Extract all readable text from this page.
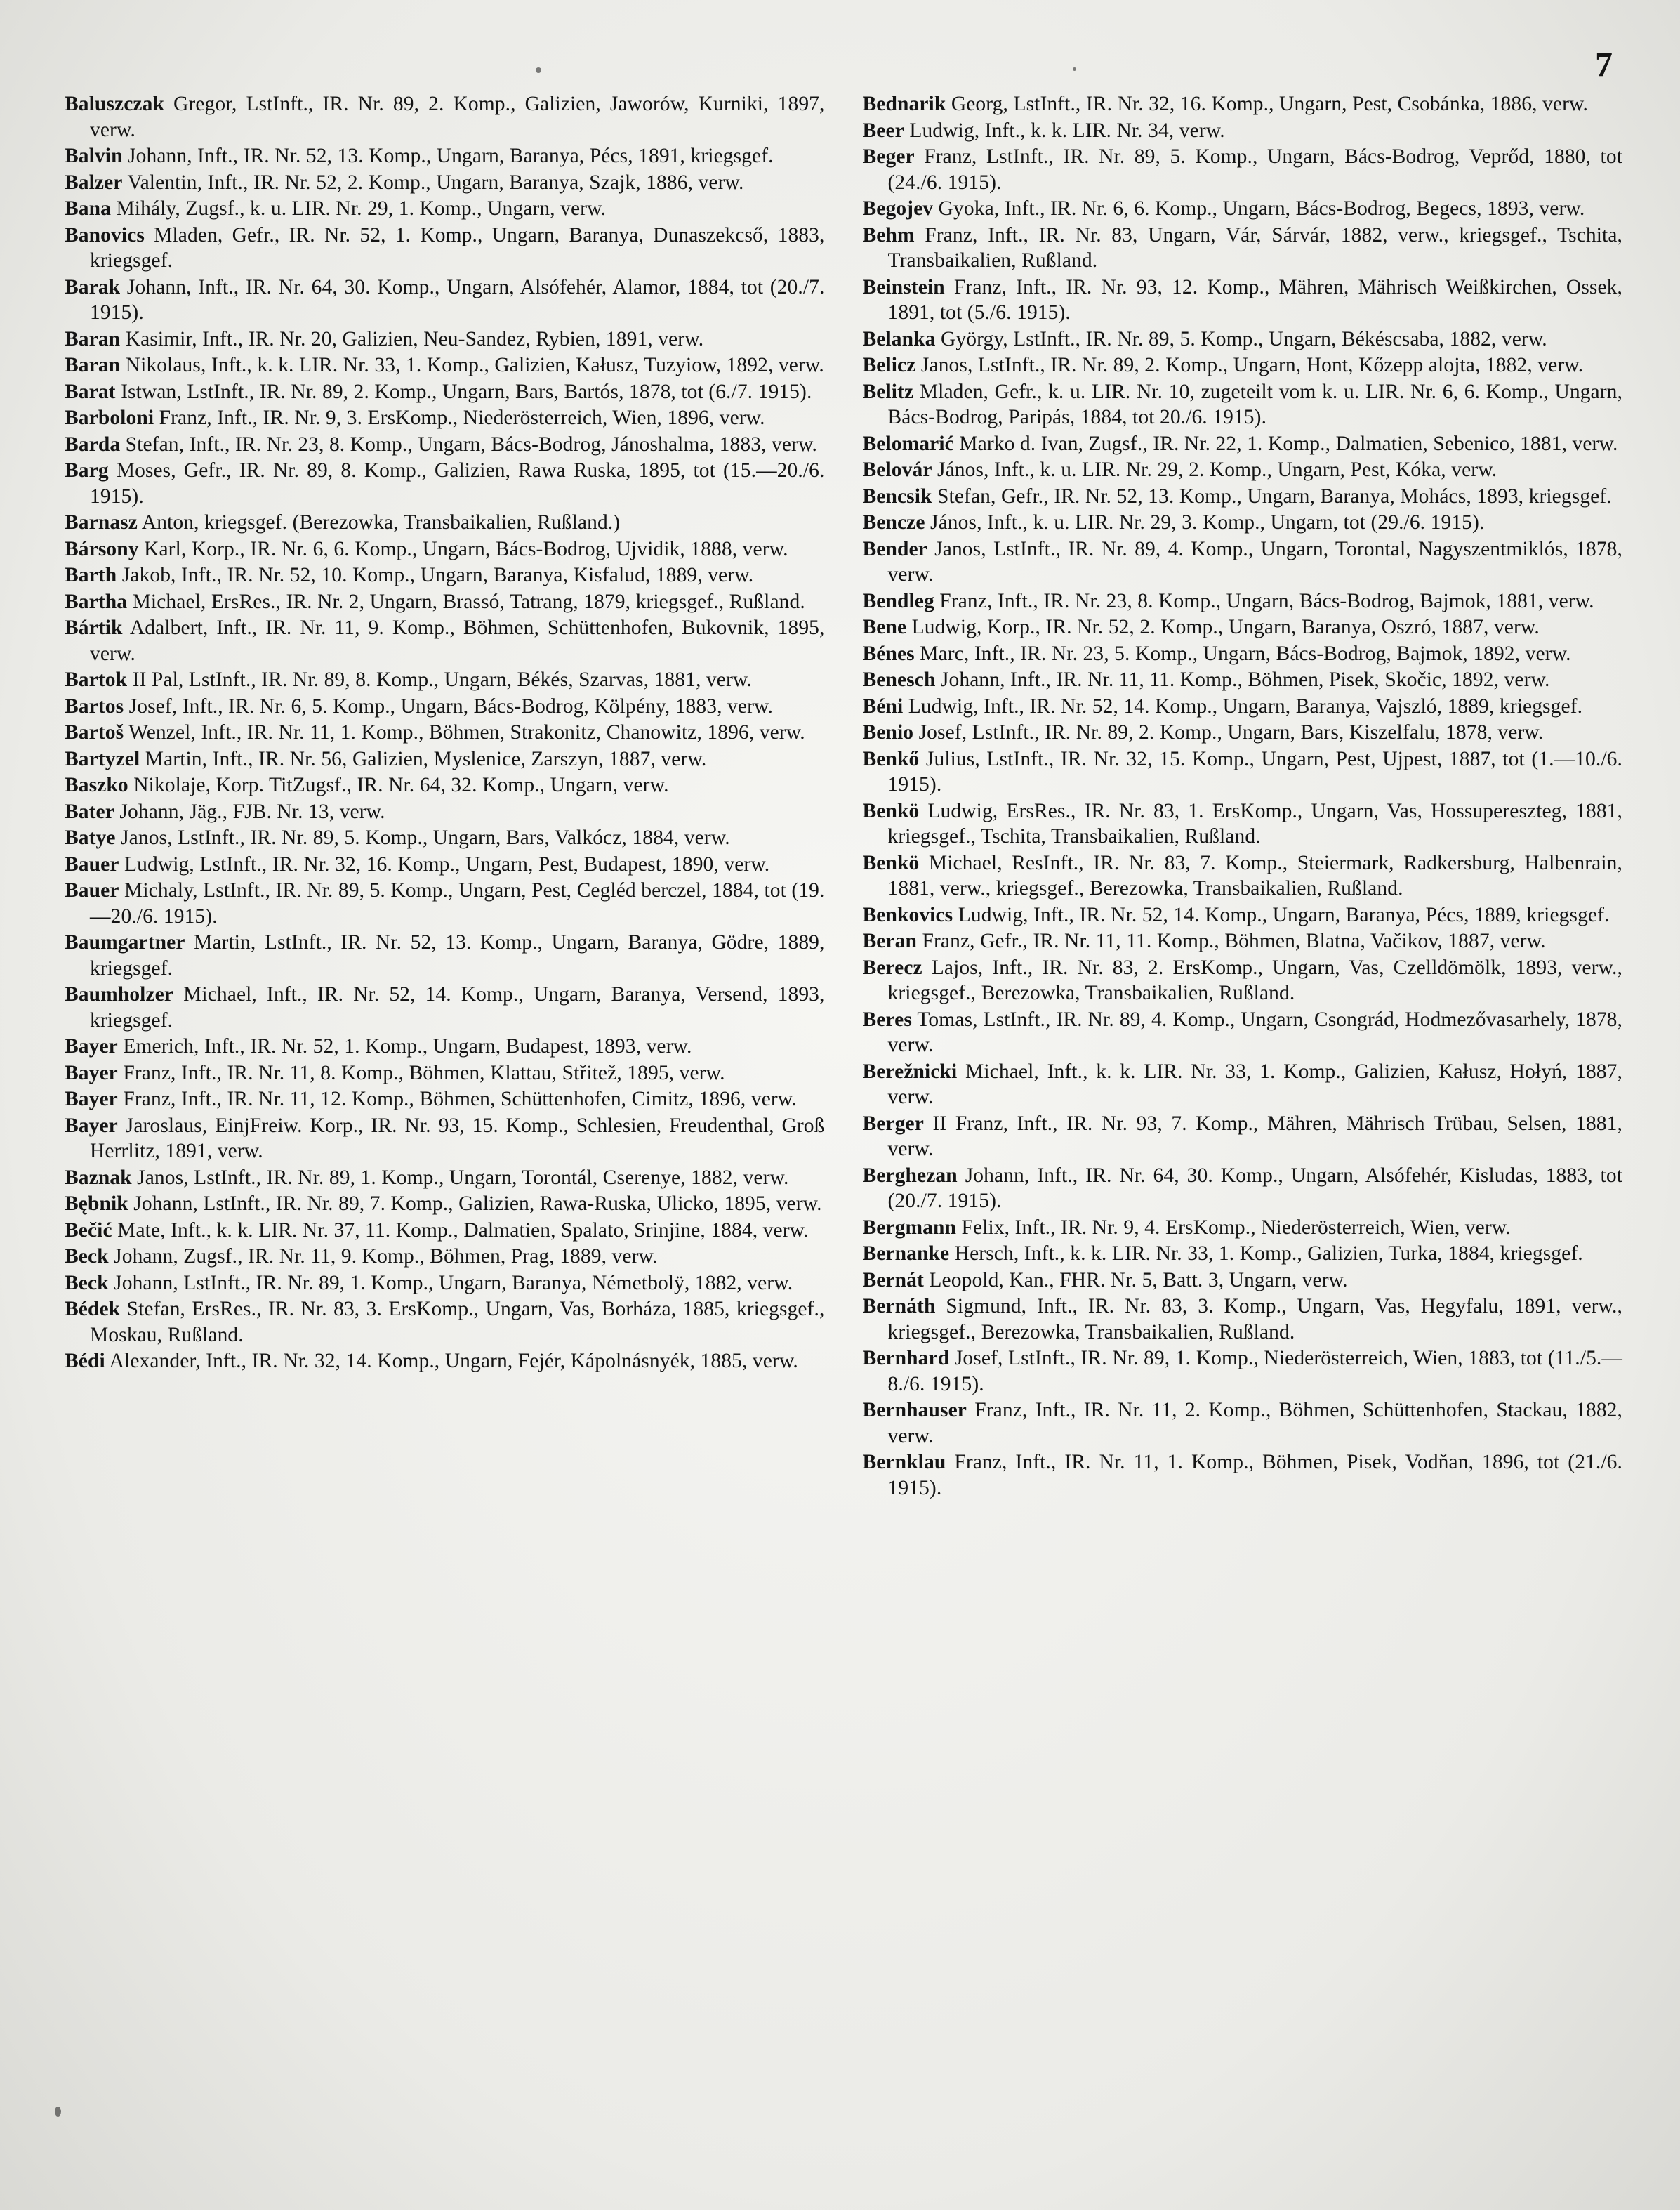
7

Baluszczak Gregor, LstInft., IR. Nr. 89, 2. Komp., Galizien, Jaworów, Kurniki, 1897, verw.

Balvin Johann, Inft., IR. Nr. 52, 13. Komp., Ungarn, Baranya, Pécs, 1891, kriegsgef.

Balzer Valentin, Inft., IR. Nr. 52, 2. Komp., Ungarn, Baranya, Szajk, 1886, verw.

Bana Mihály, Zugsf., k. u. LIR. Nr. 29, 1. Komp., Ungarn, verw.

Banovics Mladen, Gefr., IR. Nr. 52, 1. Komp., Ungarn, Baranya, Dunaszekcső, 1883, kriegsgef.

Barak Johann, Inft., IR. Nr. 64, 30. Komp., Ungarn, Alsófehér, Alamor, 1884, tot (20./7. 1915).

Baran Kasimir, Inft., IR. Nr. 20, Galizien, Neu-Sandez, Rybien, 1891, verw.

Baran Nikolaus, Inft., k. k. LIR. Nr. 33, 1. Komp., Galizien, Kałusz, Tuzyiow, 1892, verw.

Barat Istwan, LstInft., IR. Nr. 89, 2. Komp., Ungarn, Bars, Bartós, 1878, tot (6./7. 1915).

Barboloni Franz, Inft., IR. Nr. 9, 3. ErsKomp., Niederösterreich, Wien, 1896, verw.

Barda Stefan, Inft., IR. Nr. 23, 8. Komp., Ungarn, Bács-Bodrog, Jánoshalma, 1883, verw.

Barg Moses, Gefr., IR. Nr. 89, 8. Komp., Galizien, Rawa Ruska, 1895, tot (15.—20./6. 1915).

Barnasz Anton, kriegsgef. (Berezowka, Transbaikalien, Rußland.)

Bársony Karl, Korp., IR. Nr. 6, 6. Komp., Ungarn, Bács-Bodrog, Ujvidik, 1888, verw.

Barth Jakob, Inft., IR. Nr. 52, 10. Komp., Ungarn, Baranya, Kisfalud, 1889, verw.

Bartha Michael, ErsRes., IR. Nr. 2, Ungarn, Brassó, Tatrang, 1879, kriegsgef., Rußland.

Bártik Adalbert, Inft., IR. Nr. 11, 9. Komp., Böhmen, Schüttenhofen, Bukovnik, 1895, verw.

Bartok II Pal, LstInft., IR. Nr. 89, 8. Komp., Ungarn, Békés, Szarvas, 1881, verw.

Bartos Josef, Inft., IR. Nr. 6, 5. Komp., Ungarn, Bács-Bodrog, Kölpény, 1883, verw.

Bartoš Wenzel, Inft., IR. Nr. 11, 1. Komp., Böhmen, Strakonitz, Chanowitz, 1896, verw.

Bartyzel Martin, Inft., IR. Nr. 56, Galizien, Myslenice, Zarszyn, 1887, verw.

Baszko Nikolaje, Korp. TitZugsf., IR. Nr. 64, 32. Komp., Ungarn, verw.

Bater Johann, Jäg., FJB. Nr. 13, verw.

Batye Janos, LstInft., IR. Nr. 89, 5. Komp., Ungarn, Bars, Valkócz, 1884, verw.

Bauer Ludwig, LstInft., IR. Nr. 32, 16. Komp., Ungarn, Pest, Budapest, 1890, verw.

Bauer Michaly, LstInft., IR. Nr. 89, 5. Komp., Ungarn, Pest, Cegléd berczel, 1884, tot (19.—20./6. 1915).

Baumgartner Martin, LstInft., IR. Nr. 52, 13. Komp., Ungarn, Baranya, Gödre, 1889, kriegsgef.

Baumholzer Michael, Inft., IR. Nr. 52, 14. Komp., Ungarn, Baranya, Versend, 1893, kriegsgef.

Bayer Emerich, Inft., IR. Nr. 52, 1. Komp., Ungarn, Budapest, 1893, verw.

Bayer Franz, Inft., IR. Nr. 11, 8. Komp., Böhmen, Klattau, Střitež, 1895, verw.

Bayer Franz, Inft., IR. Nr. 11, 12. Komp., Böhmen, Schüttenhofen, Cimitz, 1896, verw.

Bayer Jaroslaus, EinjFreiw. Korp., IR. Nr. 93, 15. Komp., Schlesien, Freudenthal, Groß Herrlitz, 1891, verw.

Baznak Janos, LstInft., IR. Nr. 89, 1. Komp., Ungarn, Torontál, Cserenye, 1882, verw.

Bębnik Johann, LstInft., IR. Nr. 89, 7. Komp., Galizien, Rawa-Ruska, Ulicko, 1895, verw.

Bečić Mate, Inft., k. k. LIR. Nr. 37, 11. Komp., Dalmatien, Spalato, Srinjine, 1884, verw.

Beck Johann, Zugsf., IR. Nr. 11, 9. Komp., Böhmen, Prag, 1889, verw.

Beck Johann, LstInft., IR. Nr. 89, 1. Komp., Ungarn, Baranya, Németbolÿ, 1882, verw.

Bédek Stefan, ErsRes., IR. Nr. 83, 3. ErsKomp., Ungarn, Vas, Borháza, 1885, kriegsgef., Moskau, Rußland.

Bédi Alexander, Inft., IR. Nr. 32, 14. Komp., Ungarn, Fejér, Kápolnásnyék, 1885, verw.

Bednarik Georg, LstInft., IR. Nr. 32, 16. Komp., Ungarn, Pest, Csobánka, 1886, verw.

Beer Ludwig, Inft., k. k. LIR. Nr. 34, verw.

Beger Franz, LstInft., IR. Nr. 89, 5. Komp., Ungarn, Bács-Bodrog, Veprőd, 1880, tot (24./6. 1915).

Begojev Gyoka, Inft., IR. Nr. 6, 6. Komp., Ungarn, Bács-Bodrog, Begecs, 1893, verw.

Behm Franz, Inft., IR. Nr. 83, Ungarn, Vár, Sárvár, 1882, verw., kriegsgef., Tschita, Transbaikalien, Rußland.

Beinstein Franz, Inft., IR. Nr. 93, 12. Komp., Mähren, Mährisch Weißkirchen, Ossek, 1891, tot (5./6. 1915).

Belanka György, LstInft., IR. Nr. 89, 5. Komp., Ungarn, Békéscsaba, 1882, verw.

Belicz Janos, LstInft., IR. Nr. 89, 2. Komp., Ungarn, Hont, Kőzepp alojta, 1882, verw.

Belitz Mladen, Gefr., k. u. LIR. Nr. 10, zugeteilt vom k. u. LIR. Nr. 6, 6. Komp., Ungarn, Bács-Bodrog, Paripás, 1884, tot 20./6. 1915).

Belomarić Marko d. Ivan, Zugsf., IR. Nr. 22, 1. Komp., Dalmatien, Sebenico, 1881, verw.

Belovár János, Inft., k. u. LIR. Nr. 29, 2. Komp., Ungarn, Pest, Kóka, verw.

Bencsik Stefan, Gefr., IR. Nr. 52, 13. Komp., Ungarn, Baranya, Mohács, 1893, kriegsgef.

Bencze János, Inft., k. u. LIR. Nr. 29, 3. Komp., Ungarn, tot (29./6. 1915).

Bender Janos, LstInft., IR. Nr. 89, 4. Komp., Ungarn, Torontal, Nagyszentmiklós, 1878, verw.

Bendleg Franz, Inft., IR. Nr. 23, 8. Komp., Ungarn, Bács-Bodrog, Bajmok, 1881, verw.

Bene Ludwig, Korp., IR. Nr. 52, 2. Komp., Ungarn, Baranya, Oszró, 1887, verw.

Bénes Marc, Inft., IR. Nr. 23, 5. Komp., Ungarn, Bács-Bodrog, Bajmok, 1892, verw.

Benesch Johann, Inft., IR. Nr. 11, 11. Komp., Böhmen, Pisek, Skočic, 1892, verw.

Béni Ludwig, Inft., IR. Nr. 52, 14. Komp., Ungarn, Baranya, Vajszló, 1889, kriegsgef.

Benio Josef, LstInft., IR. Nr. 89, 2. Komp., Ungarn, Bars, Kiszelfalu, 1878, verw.

Benkő Julius, LstInft., IR. Nr. 32, 15. Komp., Ungarn, Pest, Ujpest, 1887, tot (1.—10./6. 1915).

Benkö Ludwig, ErsRes., IR. Nr. 83, 1. ErsKomp., Ungarn, Vas, Hossupereszteg, 1881, kriegsgef., Tschita, Transbaikalien, Rußland.

Benkö Michael, ResInft., IR. Nr. 83, 7. Komp., Steiermark, Radkersburg, Halbenrain, 1881, verw., kriegsgef., Berezowka, Transbaikalien, Rußland.

Benkovics Ludwig, Inft., IR. Nr. 52, 14. Komp., Ungarn, Baranya, Pécs, 1889, kriegsgef.

Beran Franz, Gefr., IR. Nr. 11, 11. Komp., Böhmen, Blatna, Vačikov, 1887, verw.

Berecz Lajos, Inft., IR. Nr. 83, 2. ErsKomp., Ungarn, Vas, Czelldömölk, 1893, verw., kriegsgef., Berezowka, Transbaikalien, Rußland.

Beres Tomas, LstInft., IR. Nr. 89, 4. Komp., Ungarn, Csongrád, Hodmezővasarhely, 1878, verw.

Berežnicki Michael, Inft., k. k. LIR. Nr. 33, 1. Komp., Galizien, Kałusz, Hołyń, 1887, verw.

Berger II Franz, Inft., IR. Nr. 93, 7. Komp., Mähren, Mährisch Trübau, Selsen, 1881, verw.

Berghezan Johann, Inft., IR. Nr. 64, 30. Komp., Ungarn, Alsófehér, Kisludas, 1883, tot (20./7. 1915).

Bergmann Felix, Inft., IR. Nr. 9, 4. ErsKomp., Niederösterreich, Wien, verw.

Bernanke Hersch, Inft., k. k. LIR. Nr. 33, 1. Komp., Galizien, Turka, 1884, kriegsgef.

Bernát Leopold, Kan., FHR. Nr. 5, Batt. 3, Ungarn, verw.

Bernáth Sigmund, Inft., IR. Nr. 83, 3. Komp., Ungarn, Vas, Hegyfalu, 1891, verw., kriegsgef., Berezowka, Transbaikalien, Rußland.

Bernhard Josef, LstInft., IR. Nr. 89, 1. Komp., Niederösterreich, Wien, 1883, tot (11./5.—8./6. 1915).

Bernhauser Franz, Inft., IR. Nr. 11, 2. Komp., Böhmen, Schüttenhofen, Stackau, 1882, verw.

Bernklau Franz, Inft., IR. Nr. 11, 1. Komp., Böhmen, Pisek, Vodňan, 1896, tot (21./6. 1915).
